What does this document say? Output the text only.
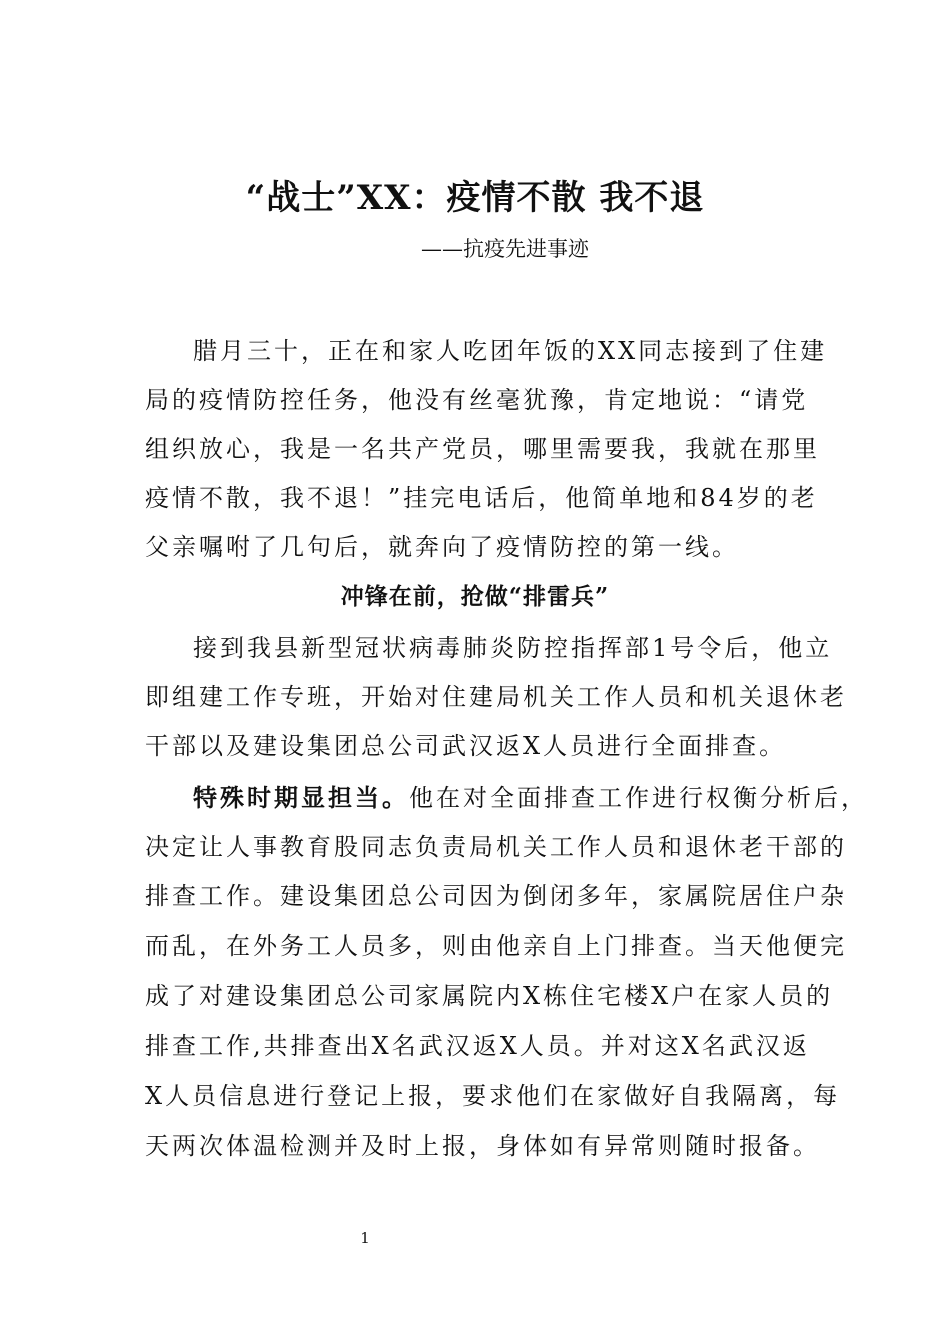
“战士”XX：疫情不散 我不退
——抗疫先进事迹
腊月三十，正在和家人吃团年饭的XX同志接到了住建
局的疫情防控任务，他没有丝毫犹豫，肯定地说：“请党
组织放心，我是一名共产党员，哪里需要我，我就在那里
疫情不散，我不退！”挂完电话后，他简单地和84岁的老
父亲嘱咐了几句后，就奔向了疫情防控的第一线。
冲锋在前，抢做“排雷兵”
接到我县新型冠状病毒肺炎防控指挥部1号令后，他立
即组建工作专班，开始对住建局机关工作人员和机关退休老
干部以及建设集团总公司武汉返X人员进行全面排查。
特殊时期显担当。他在对全面排查工作进行权衡分析后，
决定让人事教育股同志负责局机关工作人员和退休老干部的
排查工作。建设集团总公司因为倒闭多年，家属院居住户杂
而乱，在外务工人员多，则由他亲自上门排查。当天他便完
成了对建设集团总公司家属院内X栋住宅楼X户在家人员的
排查工作,共排查出X名武汉返X人员。并对这X名武汉返
X人员信息进行登记上报，要求他们在家做好自我隔离，每
天两次体温检测并及时上报，身体如有异常则随时报备。
1
